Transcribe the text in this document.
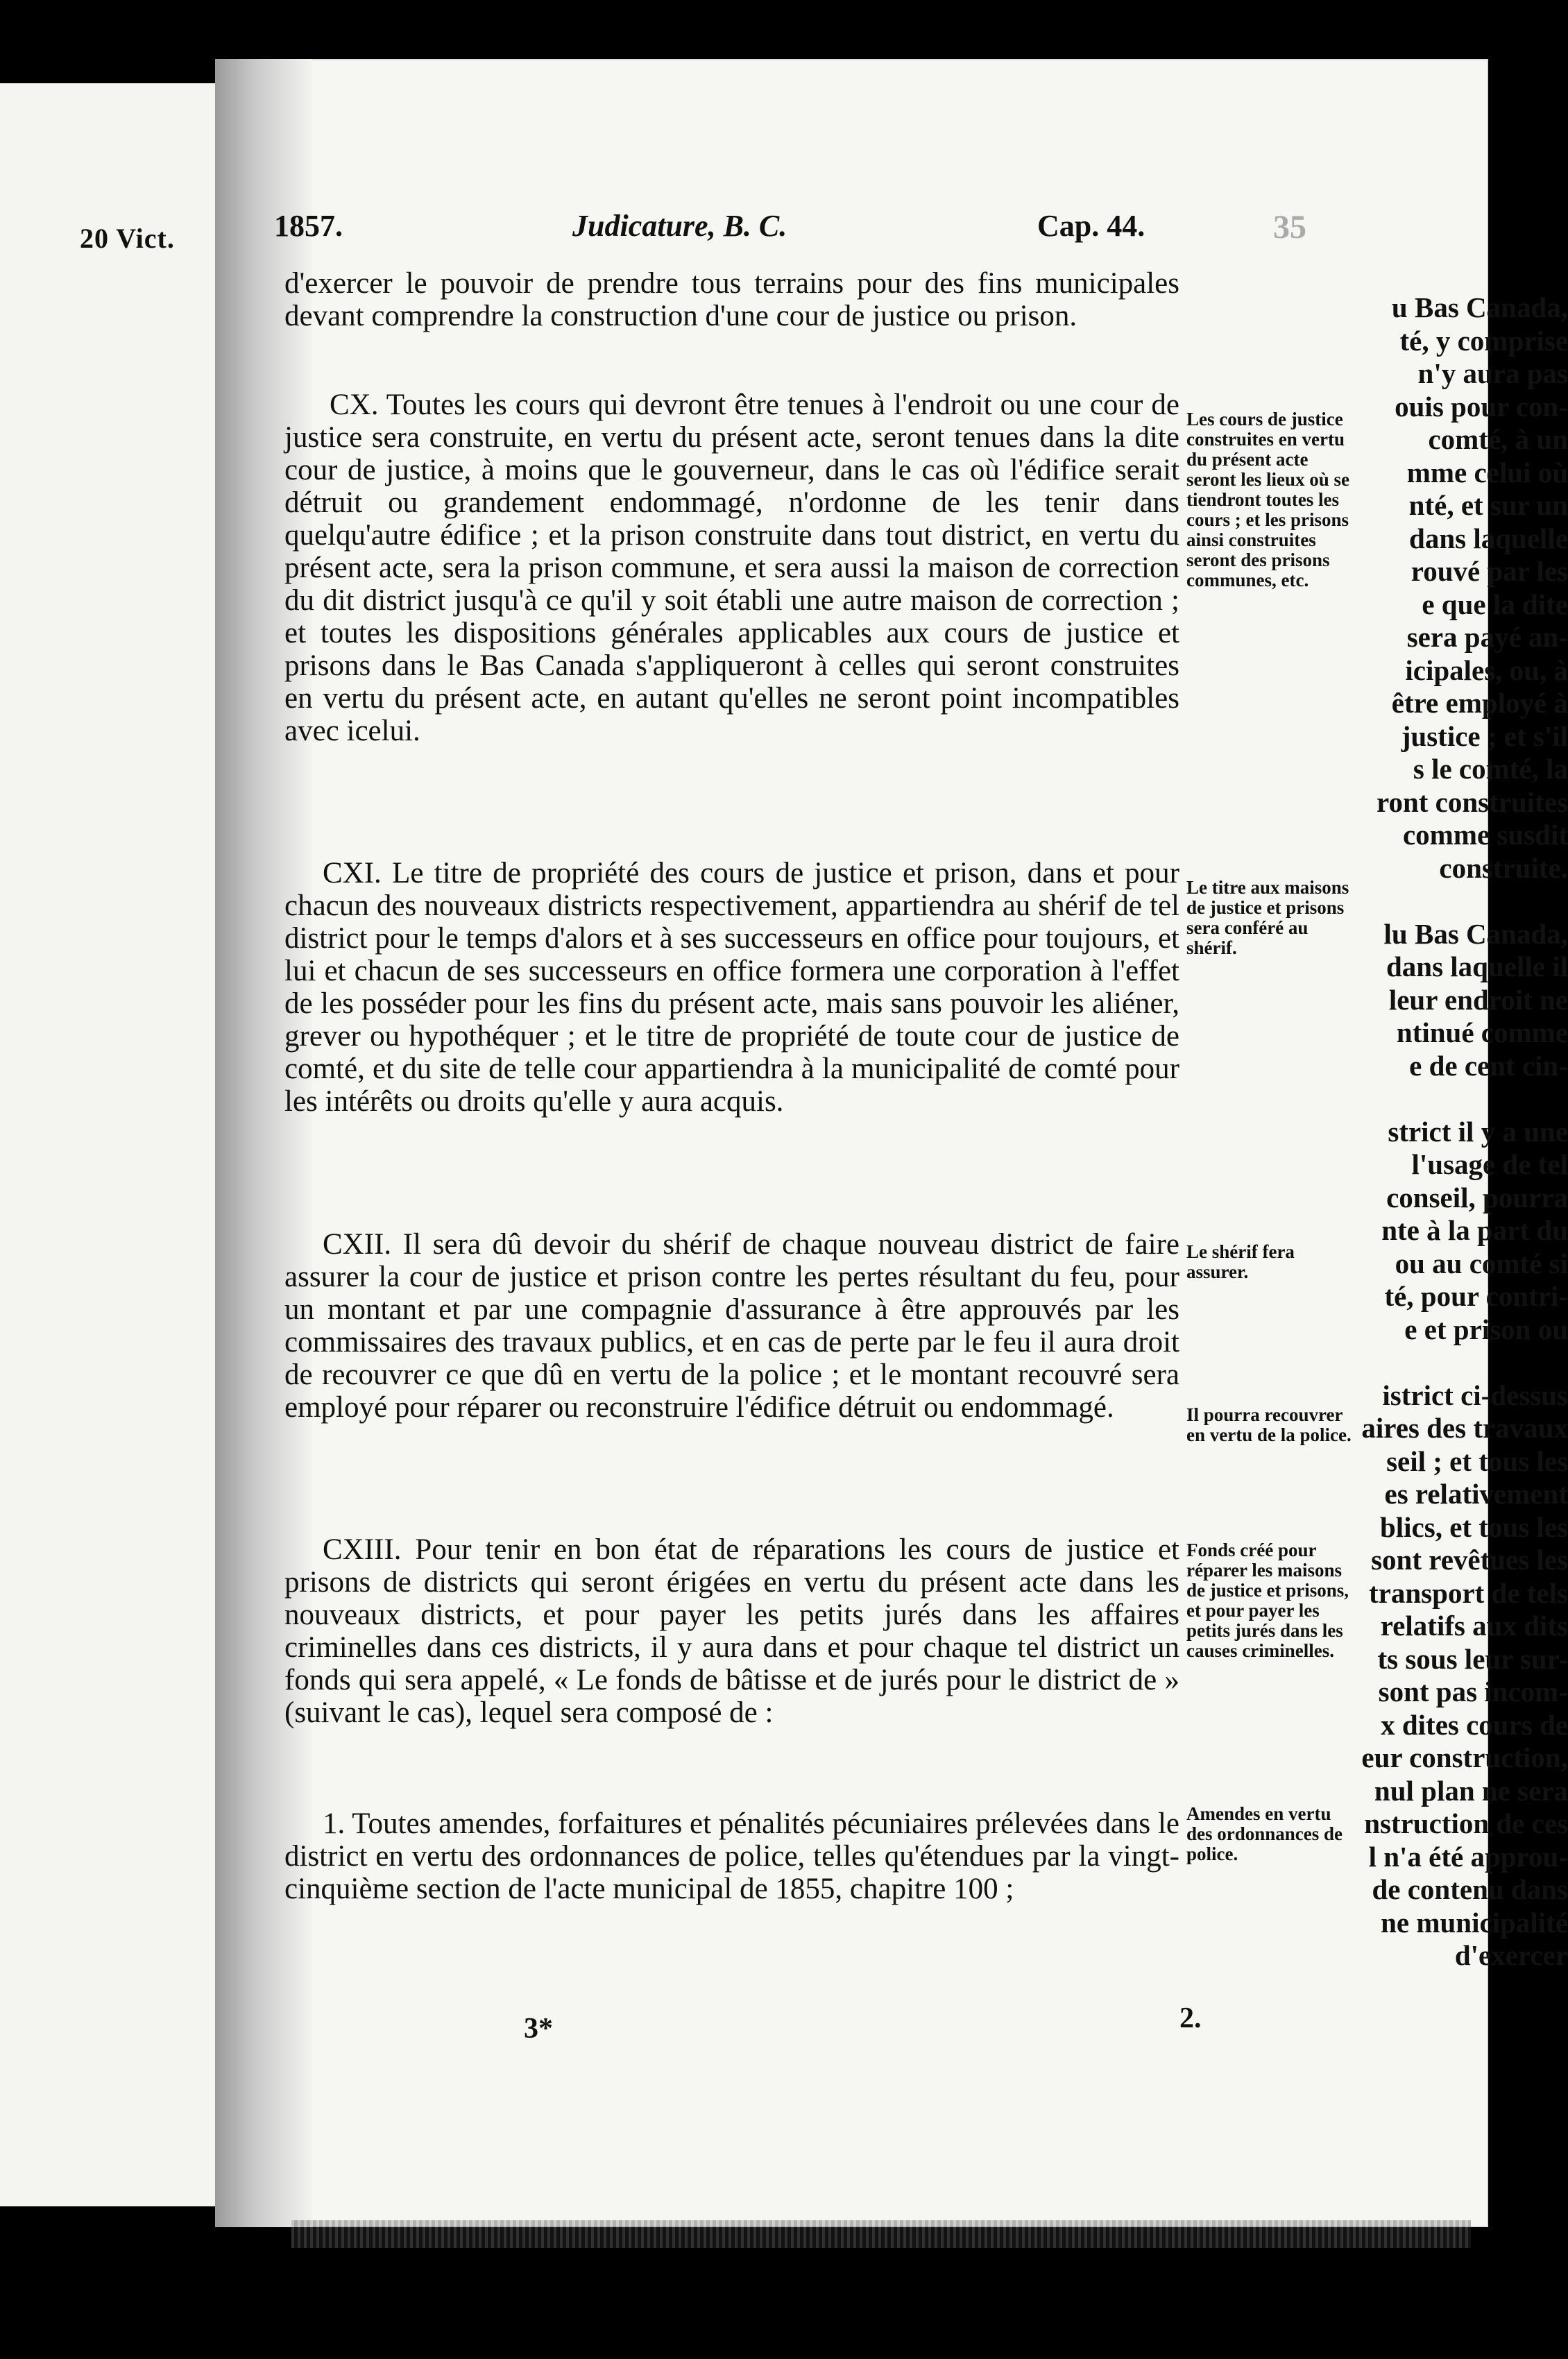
20 Vict.
u Bas Canada,
té, y comprise
n'y aura pas
ouis pour con-
comté, à un
mme celui où
nté, et sur un
dans laquelle
rouvé par les
e que la dite
sera payé an-
icipales, ou, à
être employé à
justice ; et s'il
s le comté, la
ront construites
comme susdit
construite.
lu Bas Canada,
dans laquelle il
leur endroit ne
ntinué comme
e de cent cin-
strict il y a une
l'usage de tel
conseil, pourra
nte à la part du
ou au comté si
té, pour contri-
e et prison ou
istrict ci-dessus
aires des travaux
seil ; et tous les
es relativement
blics, et tous les
sont revêtues les
transport de tels
relatifs aux dits
ts sous leur sur-
sont pas incom-
x dites cours de
eur construction,
nul plan ne sera
nstruction de ces
l n'a été approu-
de contenu dans
ne municipalité
d'exercer
1857.	Judicature, B. C.	Cap. 44.	35
d'exercer le pouvoir de prendre tous terrains pour des fins municipales devant comprendre la construction d'une cour de justice ou prison.
CX. Toutes les cours qui devront être tenues à l'endroit ou une cour de justice sera construite, en vertu du présent acte, seront tenues dans la dite cour de justice, à moins que le gouverneur, dans le cas où l'édifice serait détruit ou grandement endommagé, n'ordonne de les tenir dans quelqu'autre édifice ; et la prison construite dans tout district, en vertu du présent acte, sera la prison commune, et sera aussi la maison de correction du dit district jusqu'à ce qu'il y soit établi une autre maison de correction ; et toutes les dispositions générales applicables aux cours de justice et prisons dans le Bas Canada s'appliqueront à celles qui seront construites en vertu du présent acte, en autant qu'elles ne seront point incompatibles avec icelui.
Les cours de justice construites en vertu du présent acte seront les lieux où se tiendront toutes les cours ; et les prisons ainsi construites seront des prisons communes, etc.
CXI. Le titre de propriété des cours de justice et prison, dans et pour chacun des nouveaux districts respectivement, appartiendra au shérif de tel district pour le temps d'alors et à ses successeurs en office pour toujours, et lui et chacun de ses successeurs en office formera une corporation à l'effet de les posséder pour les fins du présent acte, mais sans pouvoir les aliéner, grever ou hypothéquer ; et le titre de propriété de toute cour de justice de comté, et du site de telle cour appartiendra à la municipalité de comté pour les intérêts ou droits qu'elle y aura acquis.
Le titre aux maisons de justice et prisons sera conféré au shérif.
CXII. Il sera dû devoir du shérif de chaque nouveau district de faire assurer la cour de justice et prison contre les pertes résultant du feu, pour un montant et par une compagnie d'assurance à être approuvés par les commissaires des travaux publics, et en cas de perte par le feu il aura droit de recouvrer ce que dû en vertu de la police ; et le montant recouvré sera employé pour réparer ou reconstruire l'édifice détruit ou endommagé.
Le shérif fera assurer.
Il pourra recouvrer en vertu de la police.
CXIII. Pour tenir en bon état de réparations les cours de justice et prisons de districts qui seront érigées en vertu du présent acte dans les nouveaux districts, et pour payer les petits jurés dans les affaires criminelles dans ces districts, il y aura dans et pour chaque tel district un fonds qui sera appelé, « Le fonds de bâtisse et de jurés pour le district de » (suivant le cas), lequel sera composé de :
Fonds créé pour réparer les maisons de justice et prisons, et pour payer les petits jurés dans les causes criminelles.
1. Toutes amendes, forfaitures et pénalités pécuniaires prélevées dans le district en vertu des ordonnances de police, telles qu'étendues par la vingt-cinquième section de l'acte municipal de 1855, chapitre 100 ;
Amendes en vertu des ordonnances de police.
3*	2.
